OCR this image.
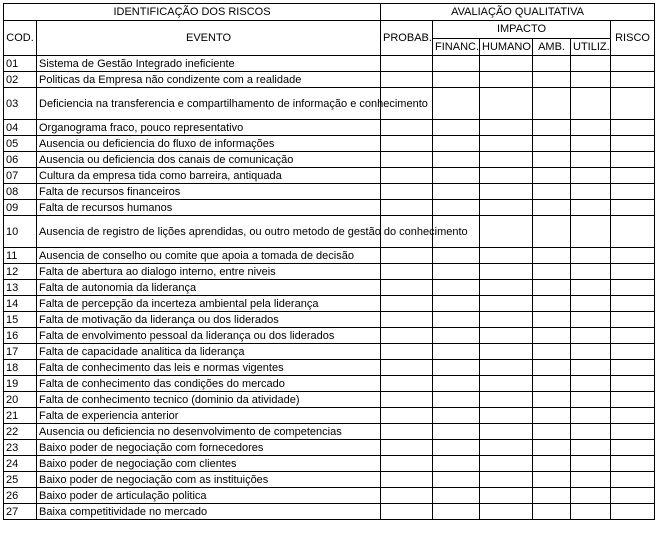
IDENTIFICAÇÃO DOS RISCOS		AVALIAÇÃO QUALITATIVA					
COD.	EVENTO	PROBAB.	IMPACTO				RISCO
			FINANC.	HUMANO	AMB.	UTILIZ.	
01	Sistema de Gestão Integrado ineficiente						
02	Politicas da Empresa não condizente com a realidade						
03	Deficiencia na transferencia e compartilhamento de informação e conhecimento						
04	Organograma fraco, pouco representativo						
05	Ausencia ou deficiencia do fluxo de informações						
06	Ausencia ou deficiencia dos canais de comunicação						
07	Cultura da empresa tida como barreira, antiquada						
08	Falta de recursos financeiros						
09	Falta de recursos humanos						
10	Ausencia de registro de lições aprendidas, ou outro metodo de gestão do conhecimento						
11	Ausencia de conselho ou comite que apoia a tomada de decisão						
12	Falta de abertura ao dialogo interno, entre niveis						
13	Falta de autonomia da liderança						
14	Falta de percepção da incerteza ambiental pela liderança						
15	Falta de motivação da liderança ou dos liderados						
16	Falta de envolvimento pessoal da liderança ou dos liderados						
17	Falta de capacidade analitica da liderança						
18	Falta de conhecimento das leis e normas vigentes						
19	Falta de conhecimento das condições do mercado						
20	Falta de conhecimento tecnico (dominio da atividade)						
21	Falta de experiencia anterior						
22	Ausencia ou deficiencia no desenvolvimento de competencias						
23	Baixo poder de negociação com fornecedores						
24	Baixo poder de negociação com clientes						
25	Baixo poder de negociação com as instituições						
26	Baixo poder de articulação politica						
27	Baixa competitividade no mercado						
